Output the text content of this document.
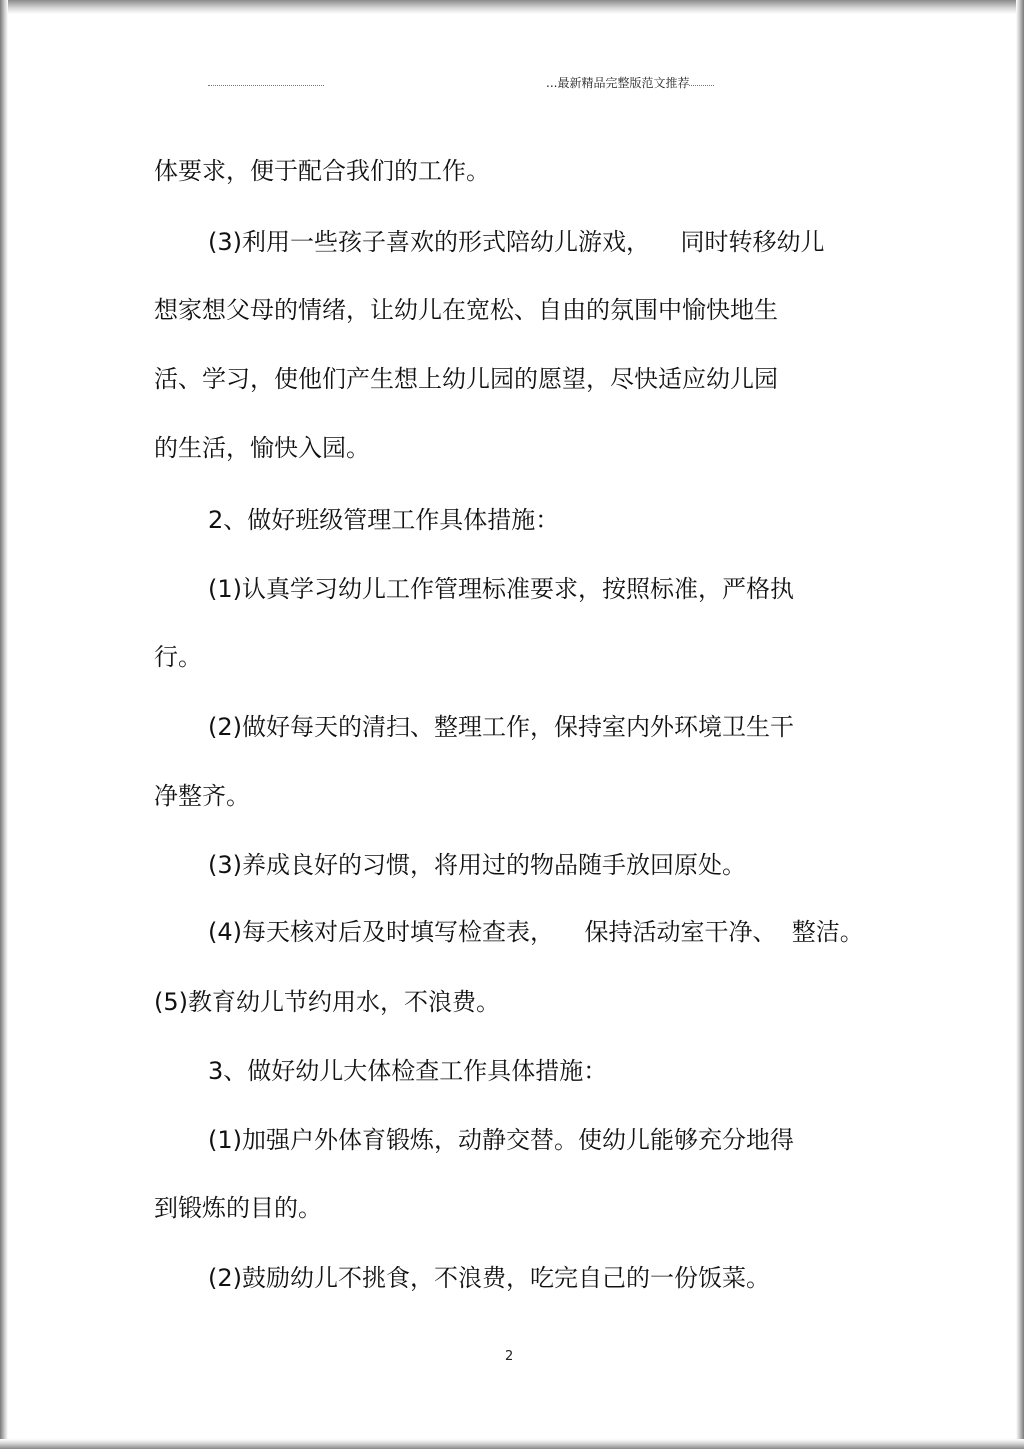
...最新精品完整版范文推荐
体要求，便于配合我们的工作。
(3)利用一些孩子喜欢的形式陪幼儿游戏，    同时转移幼儿
想家想父母的情绪，让幼儿在宽松、自由的氛围中愉快地生
活、学习，使他们产生想上幼儿园的愿望，尽快适应幼儿园
的生活，愉快入园。
2、做好班级管理工作具体措施：
(1)认真学习幼儿工作管理标准要求，按照标准，严格执
行。
(2)做好每天的清扫、整理工作，保持室内外环境卫生干
净整齐。
(3)养成良好的习惯，将用过的物品随手放回原处。
(4)每天核对后及时填写检查表，    保持活动室干净、  整洁。
(5)教育幼儿节约用水，不浪费。
3、做好幼儿大体检查工作具体措施：
(1)加强户外体育锻炼，动静交替。使幼儿能够充分地得
到锻炼的目的。
(2)鼓励幼儿不挑食，不浪费，吃完自己的一份饭菜。
2
